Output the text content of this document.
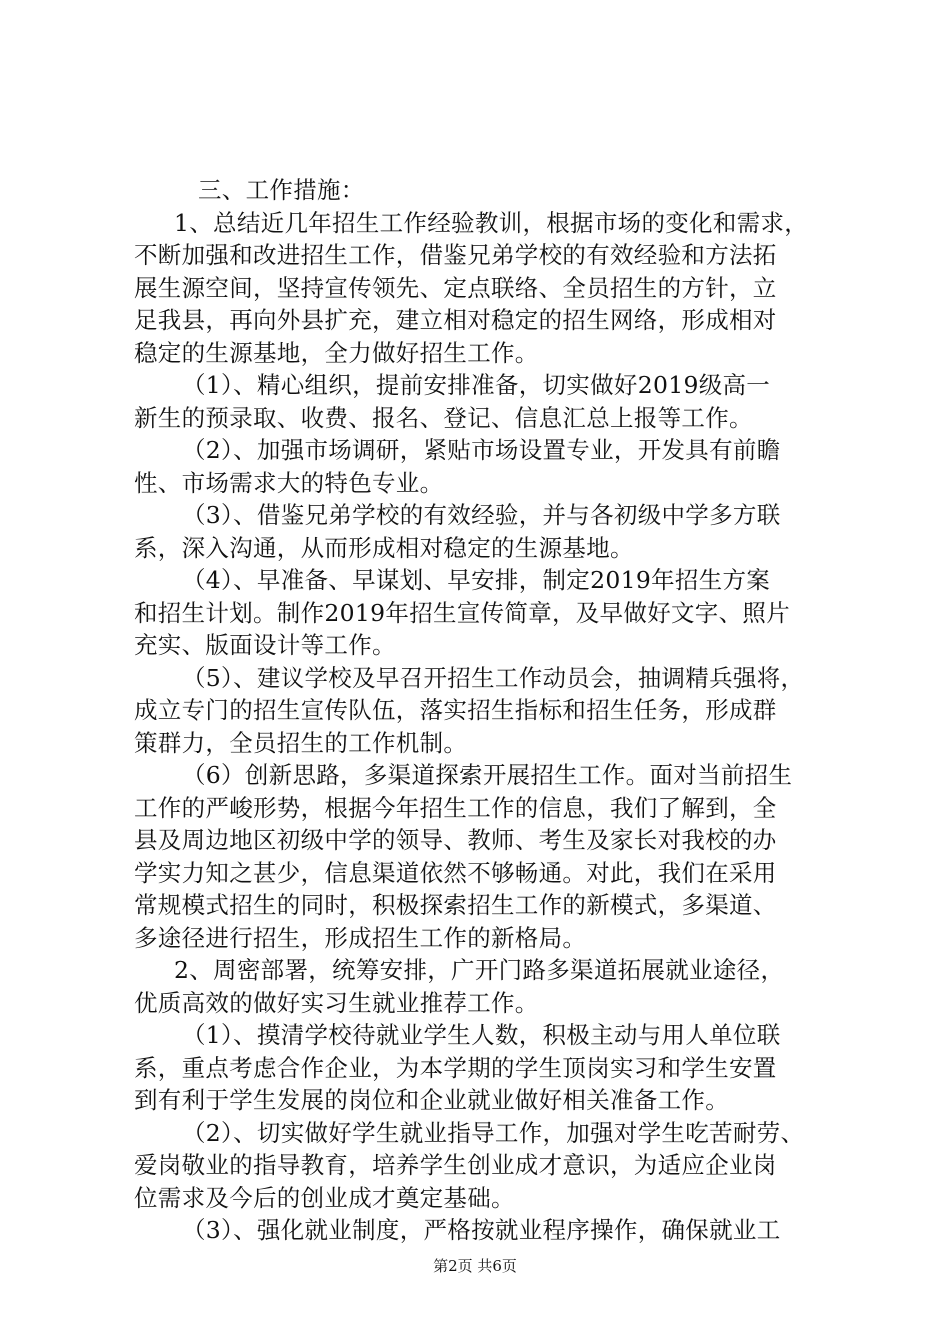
三、工作措施：
1、总结近几年招生工作经验教训，根据市场的变化和需求，
不断加强和改进招生工作，借鉴兄弟学校的有效经验和方法拓
展生源空间，坚持宣传领先、定点联络、全员招生的方针，立
足我县，再向外县扩充，建立相对稳定的招生网络，形成相对
稳定的生源基地，全力做好招生工作。
（1）、精心组织，提前安排准备，切实做好2019级高一
新生的预录取、收费、报名、登记、信息汇总上报等工作。
（2）、加强市场调研，紧贴市场设置专业，开发具有前瞻
性、市场需求大的特色专业。
（3）、借鉴兄弟学校的有效经验，并与各初级中学多方联
系，深入沟通，从而形成相对稳定的生源基地。
（4）、早准备、早谋划、早安排，制定2019年招生方案
和招生计划。制作2019年招生宣传简章，及早做好文字、照片
充实、版面设计等工作。
（5）、建议学校及早召开招生工作动员会，抽调精兵强将，
成立专门的招生宣传队伍，落实招生指标和招生任务，形成群
策群力，全员招生的工作机制。
（6）创新思路，多渠道探索开展招生工作。面对当前招生
工作的严峻形势，根据今年招生工作的信息，我们了解到，全
县及周边地区初级中学的领导、教师、考生及家长对我校的办
学实力知之甚少，信息渠道依然不够畅通。对此，我们在采用
常规模式招生的同时，积极探索招生工作的新模式，多渠道、
多途径进行招生，形成招生工作的新格局。
2、周密部署，统筹安排，广开门路多渠道拓展就业途径，
优质高效的做好实习生就业推荐工作。
（1）、摸清学校待就业学生人数，积极主动与用人单位联
系，重点考虑合作企业，为本学期的学生顶岗实习和学生安置
到有利于学生发展的岗位和企业就业做好相关准备工作。
（2）、切实做好学生就业指导工作，加强对学生吃苦耐劳、
爱岗敬业的指导教育，培养学生创业成才意识，为适应企业岗
位需求及今后的创业成才奠定基础。
（3）、强化就业制度，严格按就业程序操作，确保就业工
第2页 共6页
